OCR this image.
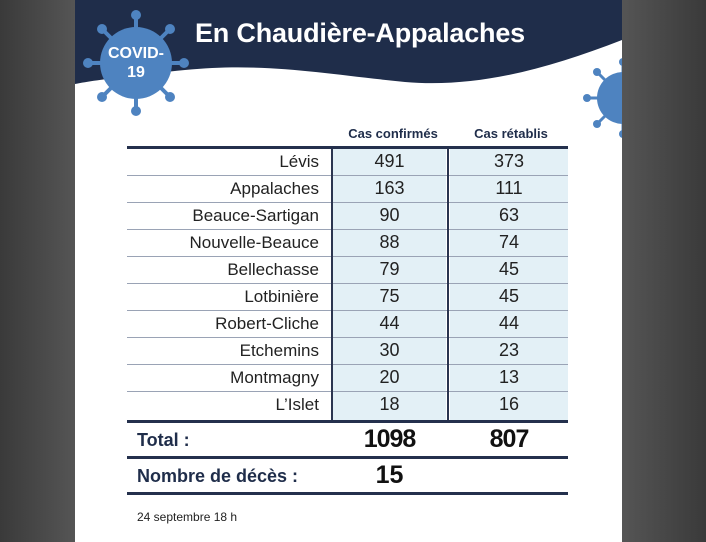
En Chaudière-Appalaches
COVID-
19
Cas confirmés	Cas rétablis
Lévis	491	373
Appalaches	163	111
Beauce-Sartigan	90	63
Nouvelle-Beauce	88	74
Bellechasse	79	45
Lotbinière	75	45
Robert-Cliche	44	44
Etchemins	30	23
Montmagny	20	13
L’Islet	18	16
Total :	1098	807
Nombre de décès :	15
24 septembre 18 h
